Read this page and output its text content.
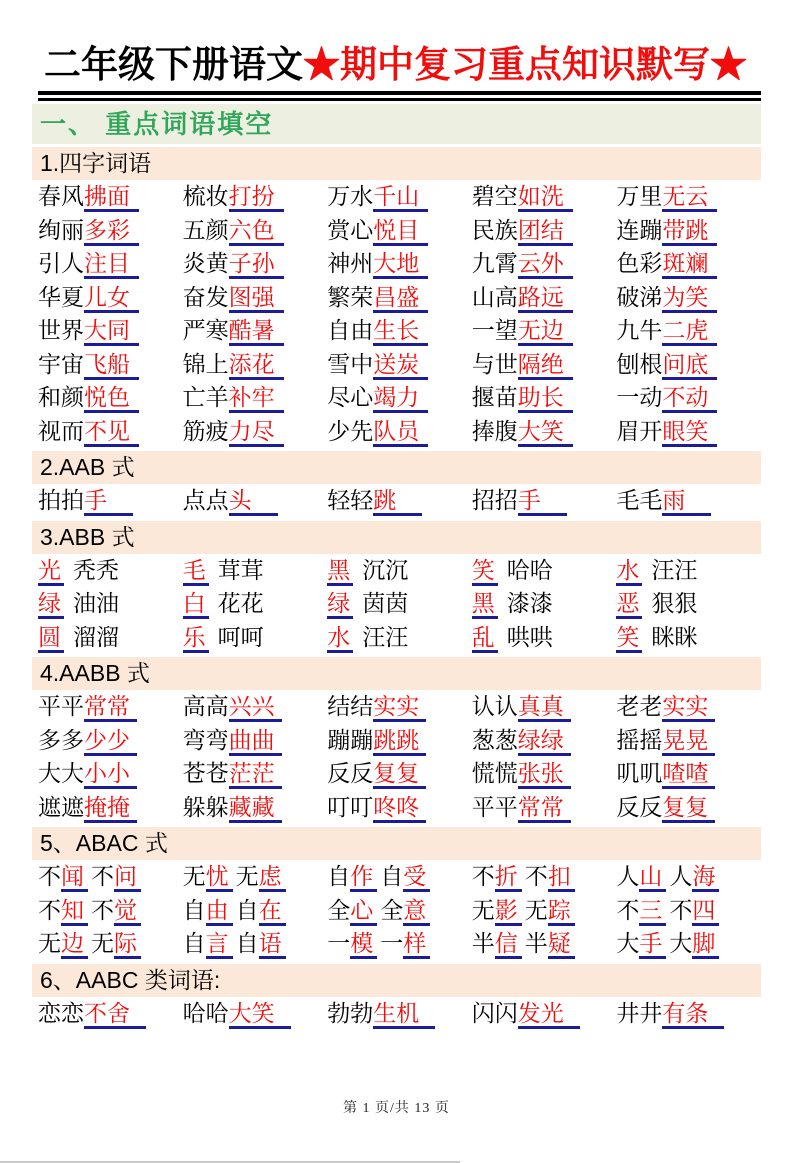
二年级下册语文★期中复习重点知识默写★
一、 重点词语填空
1.四字词语
春风拂面	梳妆打扮	万水千山	碧空如洗	万里无云
绚丽多彩	五颜六色	赏心悦目	民族团结	连蹦带跳
引人注目	炎黄子孙	神州大地	九霄云外	色彩斑斓
华夏儿女	奋发图强	繁荣昌盛	山高路远	破涕为笑
世界大同	严寒酷暑	自由生长	一望无边	九牛二虎
宇宙飞船	锦上添花	雪中送炭	与世隔绝	刨根问底
和颜悦色	亡羊补牢	尽心竭力	揠苗助长	一动不动
视而不见	筋疲力尽	少先队员	捧腹大笑	眉开眼笑
2.AAB 式
拍拍手	点点头	轻轻跳	招招手	毛毛雨
3.ABB 式
光 秃秃	毛 茸茸	黑 沉沉	笑 哈哈	水 汪汪
绿 油油	白 花花	绿 茵茵	黑 漆漆	恶 狠狠
圆 溜溜	乐 呵呵	水 汪汪	乱 哄哄	笑 眯眯
4.AABB 式
平平常常	高高兴兴	结结实实	认认真真	老老实实
多多少少	弯弯曲曲	蹦蹦跳跳	葱葱绿绿	摇摇晃晃
大大小小	苍苍茫茫	反反复复	慌慌张张	叽叽喳喳
遮遮掩掩	躲躲藏藏	叮叮咚咚	平平常常	反反复复
5、ABAC 式
不闻 不问	无忧 无虑	自作 自受	不折 不扣	人山 人海
不知 不觉	自由 自在	全心 全意	无影 无踪	不三 不四
无边 无际	自言 自语	一模 一样	半信 半疑	大手 大脚
6、AABC 类词语:
恋恋不舍	哈哈大笑	勃勃生机	闪闪发光	井井有条
第 1 页/共 13 页
